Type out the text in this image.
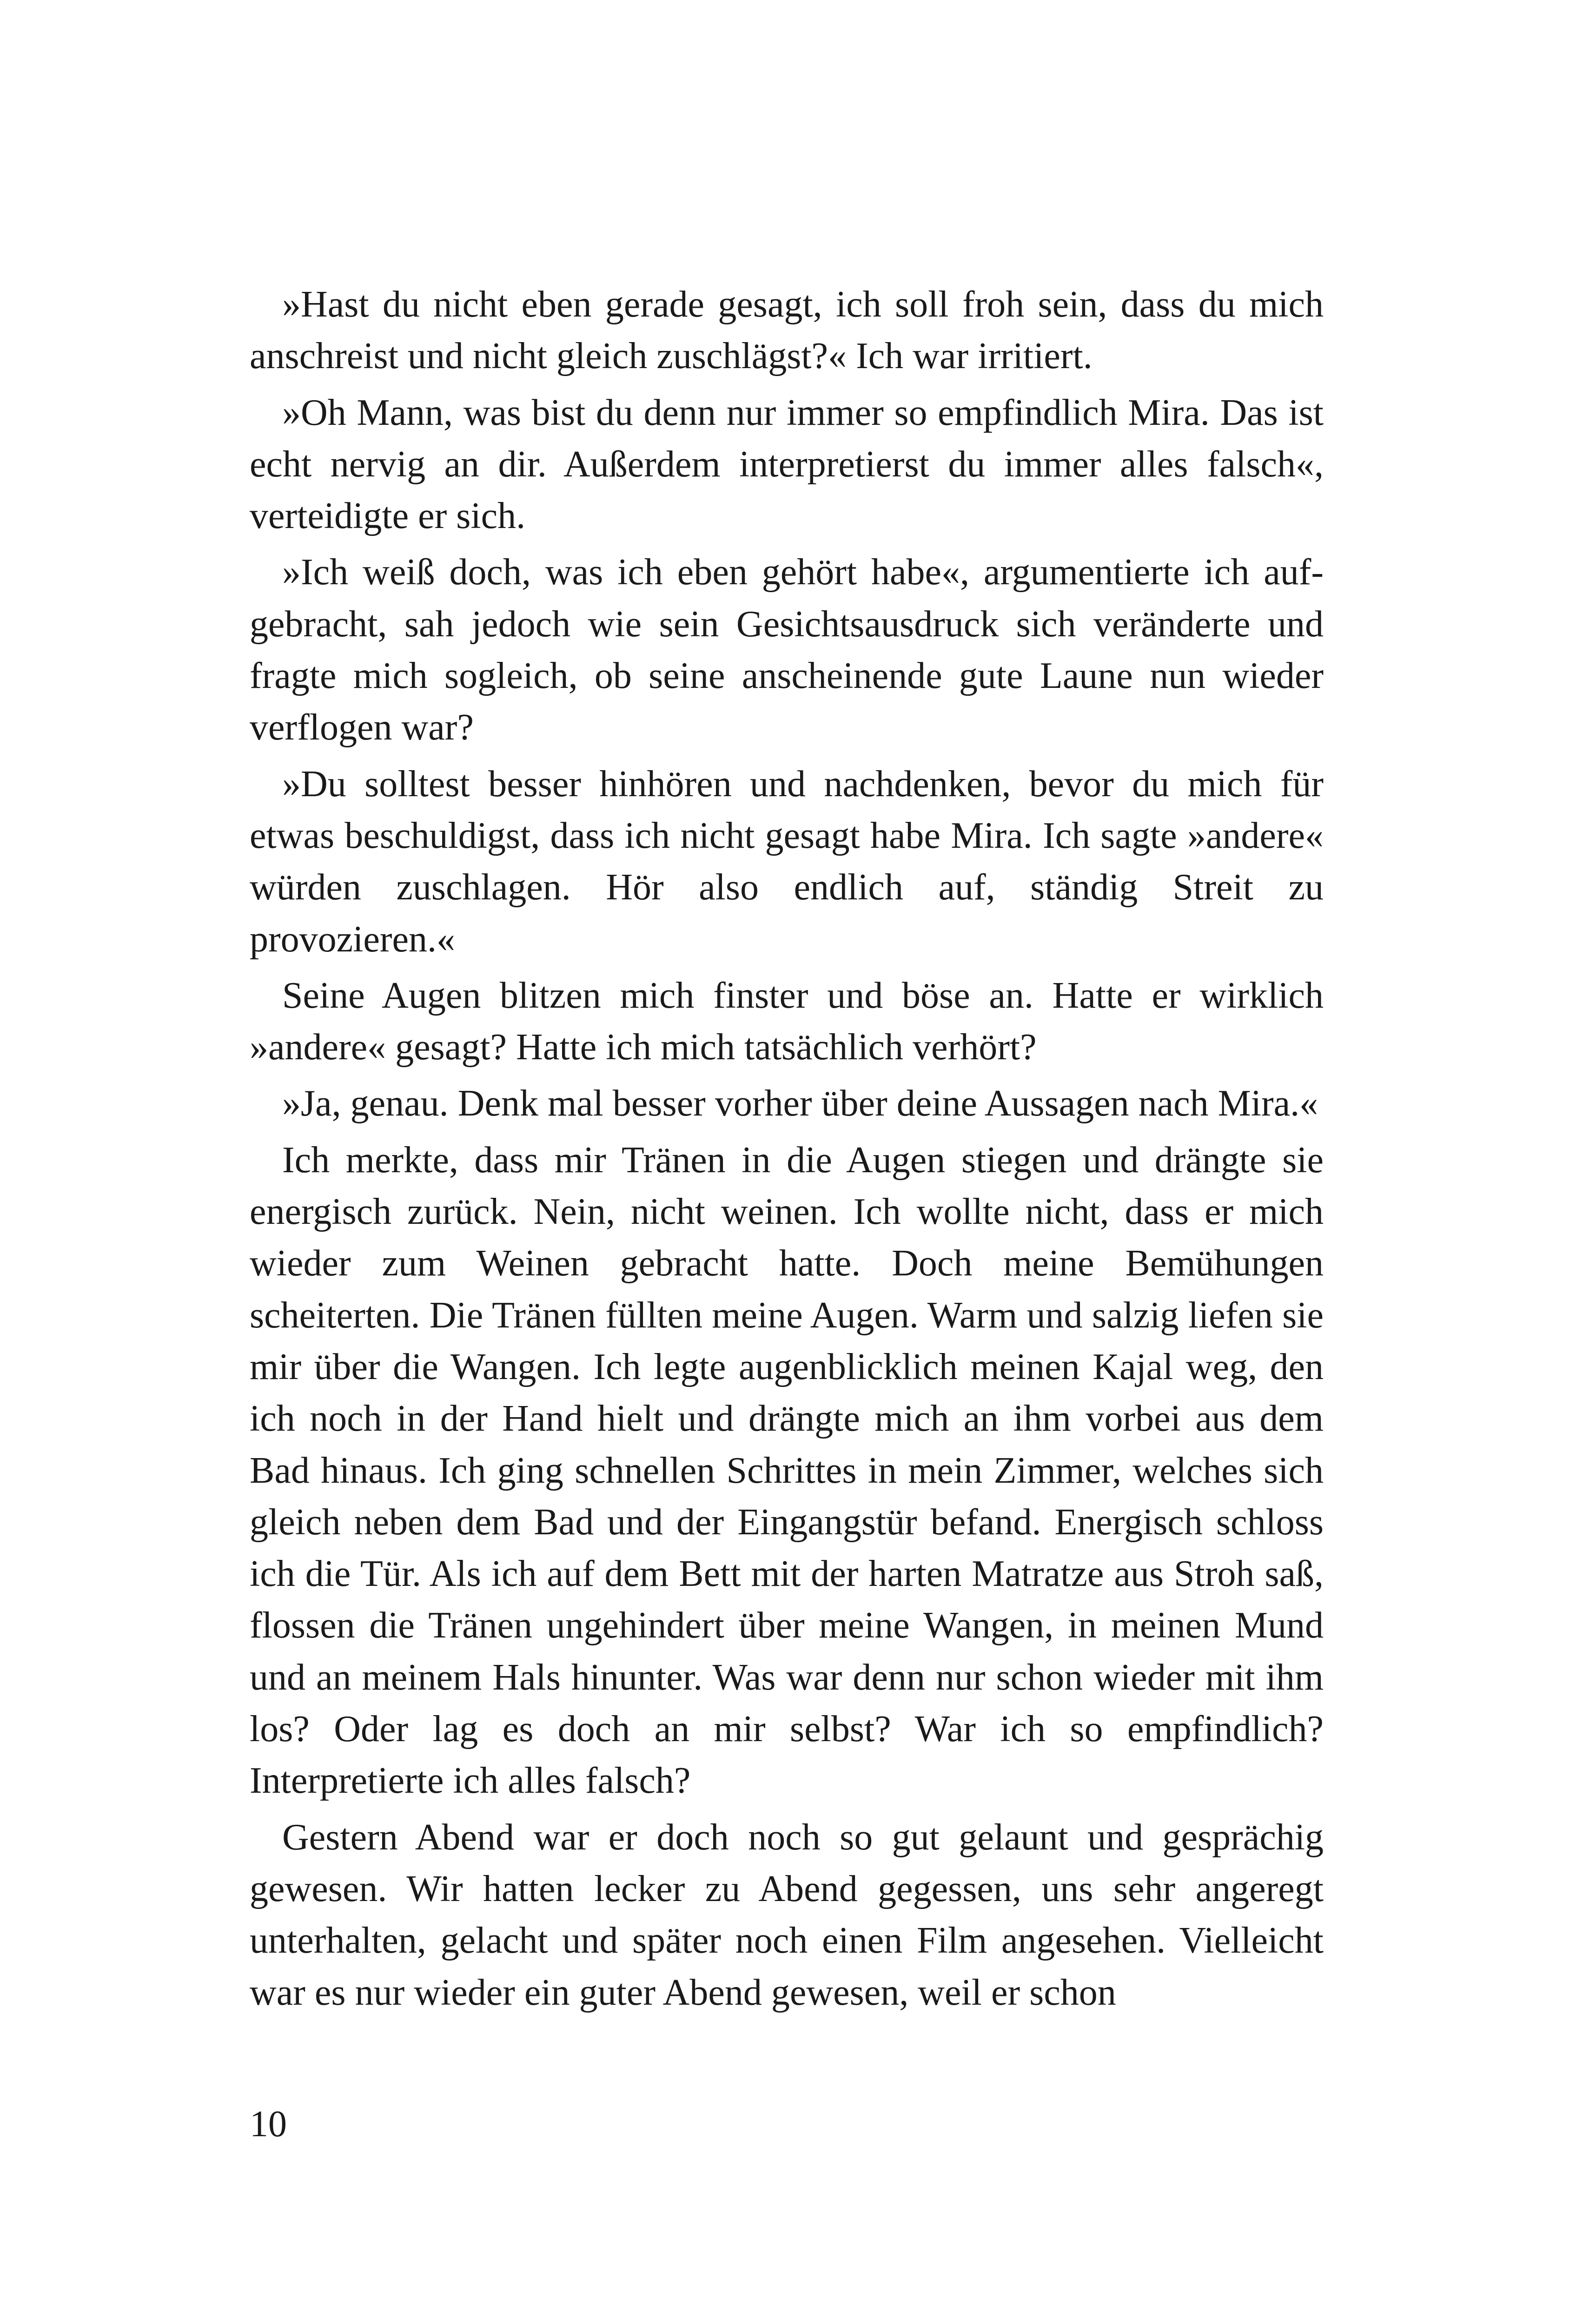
»Hast du nicht eben gerade gesagt, ich soll froh sein, dass du mich anschreist und nicht gleich zuschlägst?« Ich war irritiert.

»Oh Mann, was bist du denn nur immer so empfindlich Mira. Das ist echt nervig an dir. Außerdem interpretierst du immer alles falsch«, verteidigte er sich.

»Ich weiß doch, was ich eben gehört habe«, argumentierte ich aufgebracht, sah jedoch wie sein Gesichtsausdruck sich veränderte und fragte mich sogleich, ob seine anscheinende gute Laune nun wieder verflogen war?

»Du solltest besser hinhören und nachdenken, bevor du mich für etwas beschuldigst, dass ich nicht gesagt habe Mira. Ich sagte »andere« würden zuschlagen. Hör also endlich auf, ständig Streit zu provozieren.«

Seine Augen blitzen mich finster und böse an. Hatte er wirklich »andere« gesagt? Hatte ich mich tatsächlich verhört?

»Ja, genau. Denk mal besser vorher über deine Aussagen nach Mira.«

Ich merkte, dass mir Tränen in die Augen stiegen und drängte sie energisch zurück. Nein, nicht weinen. Ich wollte nicht, dass er mich wieder zum Weinen gebracht hatte. Doch meine Bemühungen scheiterten. Die Tränen füllten meine Augen. Warm und salzig liefen sie mir über die Wangen. Ich legte augenblicklich meinen Kajal weg, den ich noch in der Hand hielt und drängte mich an ihm vorbei aus dem Bad hinaus. Ich ging schnellen Schrittes in mein Zimmer, welches sich gleich neben dem Bad und der Eingangstür befand. Energisch schloss ich die Tür. Als ich auf dem Bett mit der harten Matratze aus Stroh saß, flossen die Tränen ungehindert über meine Wangen, in meinen Mund und an meinem Hals hinunter. Was war denn nur schon wieder mit ihm los? Oder lag es doch an mir selbst? War ich so empfindlich? Interpretierte ich alles falsch?

Gestern Abend war er doch noch so gut gelaunt und gesprächig gewesen. Wir hatten lecker zu Abend gegessen, uns sehr angeregt unterhalten, gelacht und später noch einen Film angesehen. Vielleicht war es nur wieder ein guter Abend gewesen, weil er schon

10
